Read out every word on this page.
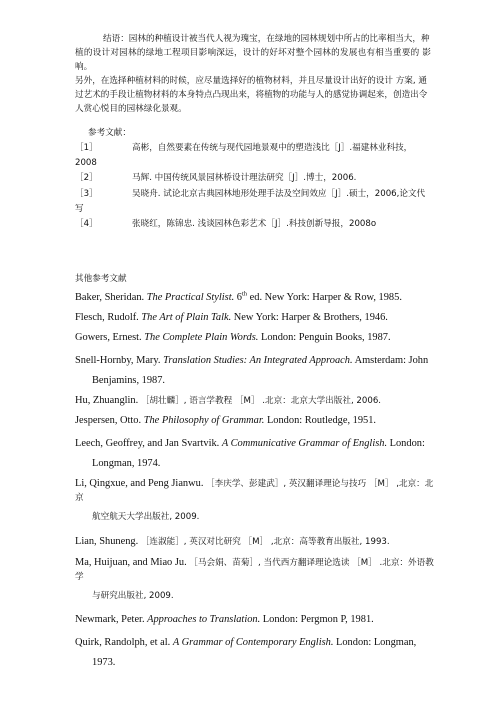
结语：园林的种植设计被当代人视为瑰宝，在绿地的园林规划中所占的比率相当大，种
植的设计对园林的绿地工程项目影响深远，设计的好坏对整个园林的发展也有相当重要的 影响。
另外，在选择种植材料的时候，应尽量选择好的植物材料，并且尽量设计出好的设计 方案, 通
过艺术的手段让植物材料的本身特点凸现出来，将植物的功能与人的感觉协调起来，创造出令
人赏心悦目的园林绿化景观。
参考文献：
［1］	高彬，自然要素在传统与现代园地景观中的塑造浅比［J］.福建林业科技，
2008
［2］	马辉. 中国传统风景园林桥设计理法研究［J］.博士，2006.
［3］	吴晓舟. 试论北京古典园林地形处理手法及空间效应［J］.硕士，2006,论文代
写
［4］	张晓红，陈锦忠. 浅谈园林色彩艺术［J］.科技创新导报，2008o
其他参考文献
Baker, Sheridan. The Practical Stylist. 6th ed. New York: Harper & Row, 1985.
Flesch, Rudolf. The Art of Plain Talk. New York: Harper & Brothers, 1946.
Gowers, Ernest. The Complete Plain Words. London: Penguin Books, 1987.
Snell-Hornby, Mary. Translation Studies: An Integrated Approach. Amsterdam: John
Benjamins, 1987.
Hu, Zhuanglin. ［胡壮麟］, 语言学教程 ［M］ .北京：北京大学出版社, 2006.
Jespersen, Otto. The Philosophy of Grammar. London: Routledge, 1951.
Leech, Geoffrey, and Jan Svartvik. A Communicative Grammar of English. London:
Longman, 1974.
Li, Qingxue, and Peng Jianwu. ［李庆学、彭建武］, 英汉翻译理论与技巧 ［M］ ,北京：北
京
航空航天大学出版社, 2009.
Lian, Shuneng. ［连淑能］, 英汉对比研究 ［M］ ,北京：高等教育出版社, 1993.
Ma, Huijuan, and Miao Ju. ［马会娟、苗菊］, 当代西方翻译理论选读 ［M］ .北京：外语教
学
与研究出版社, 2009.
Newmark, Peter. Approaches to Translation. London: Pergmon P, 1981.
Quirk, Randolph, et al. A Grammar of Contemporary English. London: Longman,
1973.
